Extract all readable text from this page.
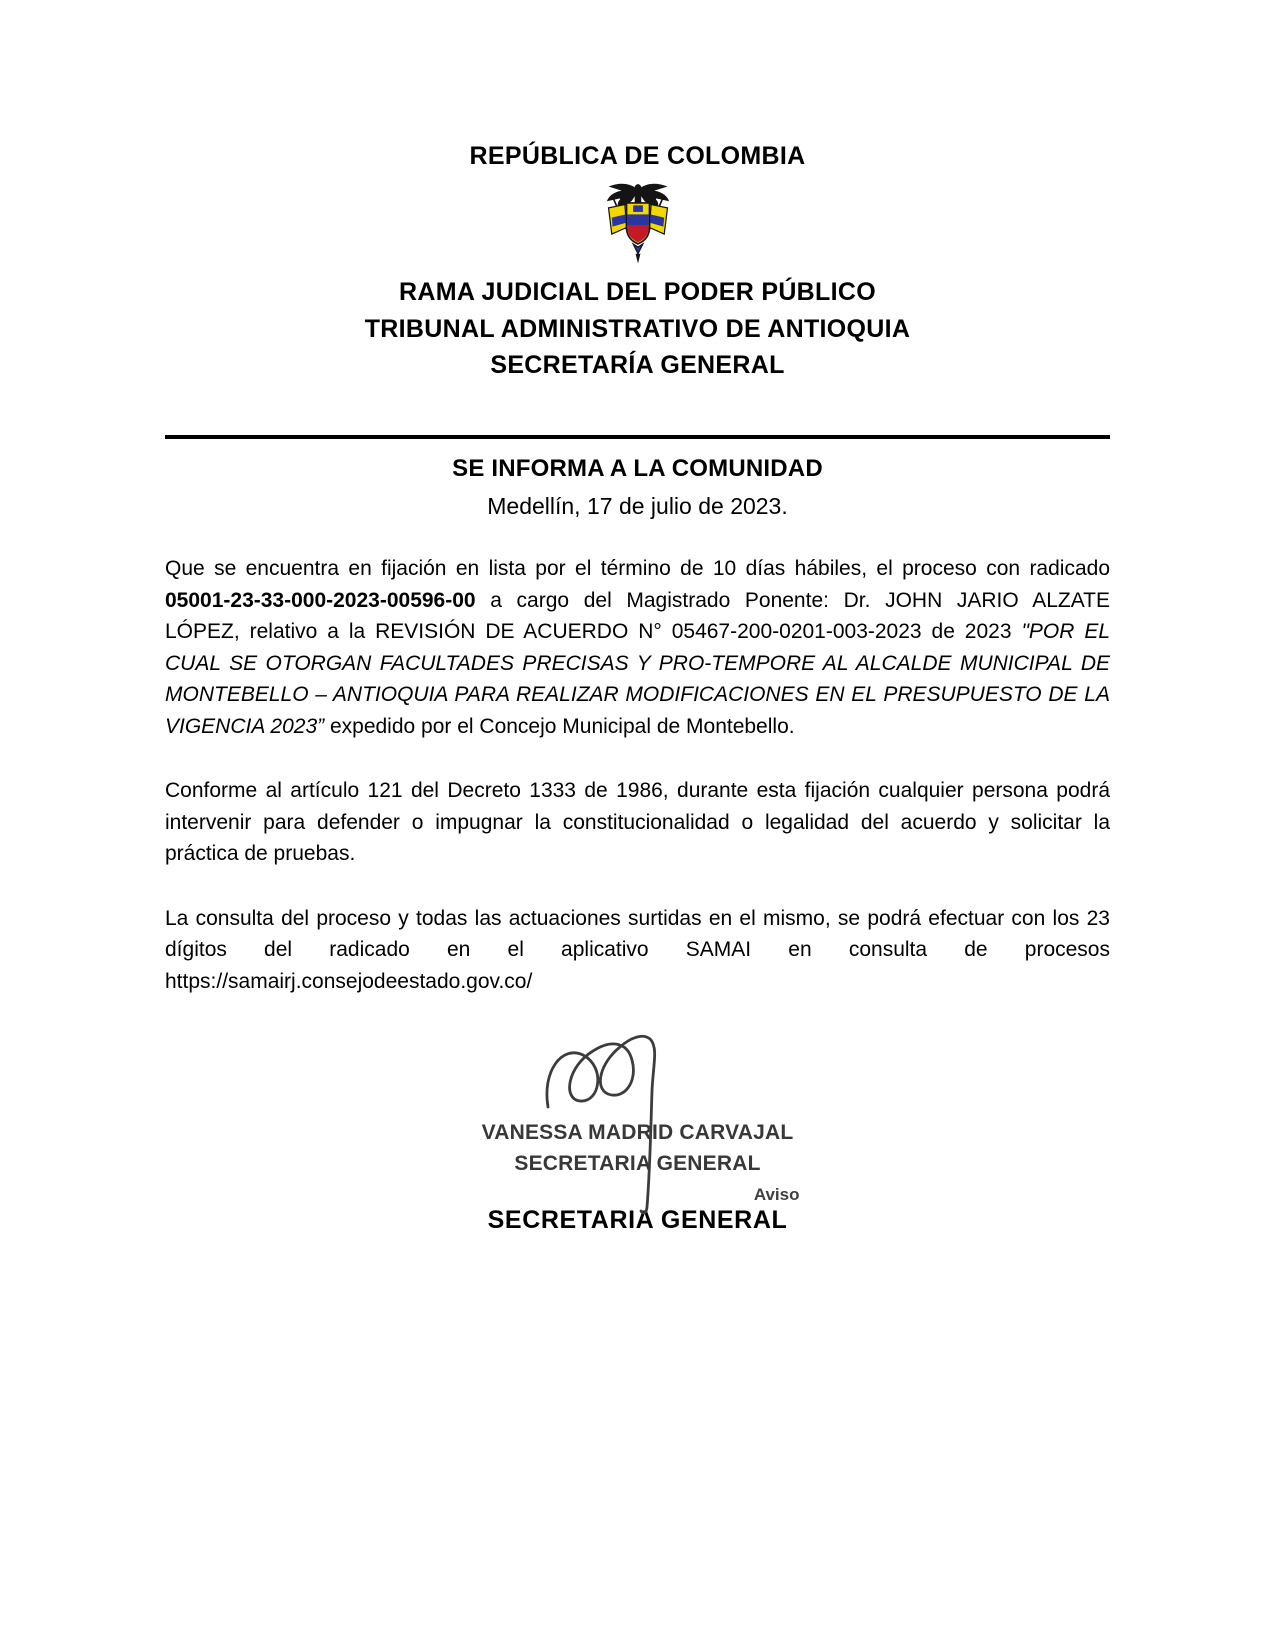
REPÚBLICA DE COLOMBIA
RAMA JUDICIAL DEL PODER PÚBLICO
TRIBUNAL ADMINISTRATIVO DE ANTIOQUIA
SECRETARÍA GENERAL
SE INFORMA A LA COMUNIDAD
Medellín, 17 de julio de 2023.

Que se encuentra en fijación en lista por el término de 10 días hábiles, el proceso con radicado 05001-23-33-000-2023-00596-00 a cargo del Magistrado Ponente: Dr. JOHN JARIO ALZATE LÓPEZ, relativo a la REVISIÓN DE ACUERDO N° 05467-200-0201-003-2023 de 2023 "POR EL CUAL SE OTORGAN FACULTADES PRECISAS Y PRO-TEMPORE AL ALCALDE MUNICIPAL DE MONTEBELLO – ANTIOQUIA PARA REALIZAR MODIFICACIONES EN EL PRESUPUESTO DE LA VIGENCIA 2023” expedido por el Concejo Municipal de Montebello.

Conforme al artículo 121 del Decreto 1333 de 1986, durante esta fijación cualquier persona podrá intervenir para defender o impugnar la constitucionalidad o legalidad del acuerdo y solicitar la práctica de pruebas.

La consulta del proceso y todas las actuaciones surtidas en el mismo, se podrá efectuar con los 23 dígitos del radicado en el aplicativo SAMAI en consulta de procesos https://samairj.consejodeestado.gov.co/

VANESSA MADRID CARVAJAL
SECRETARIA GENERAL
Aviso
SECRETARIA GENERAL
